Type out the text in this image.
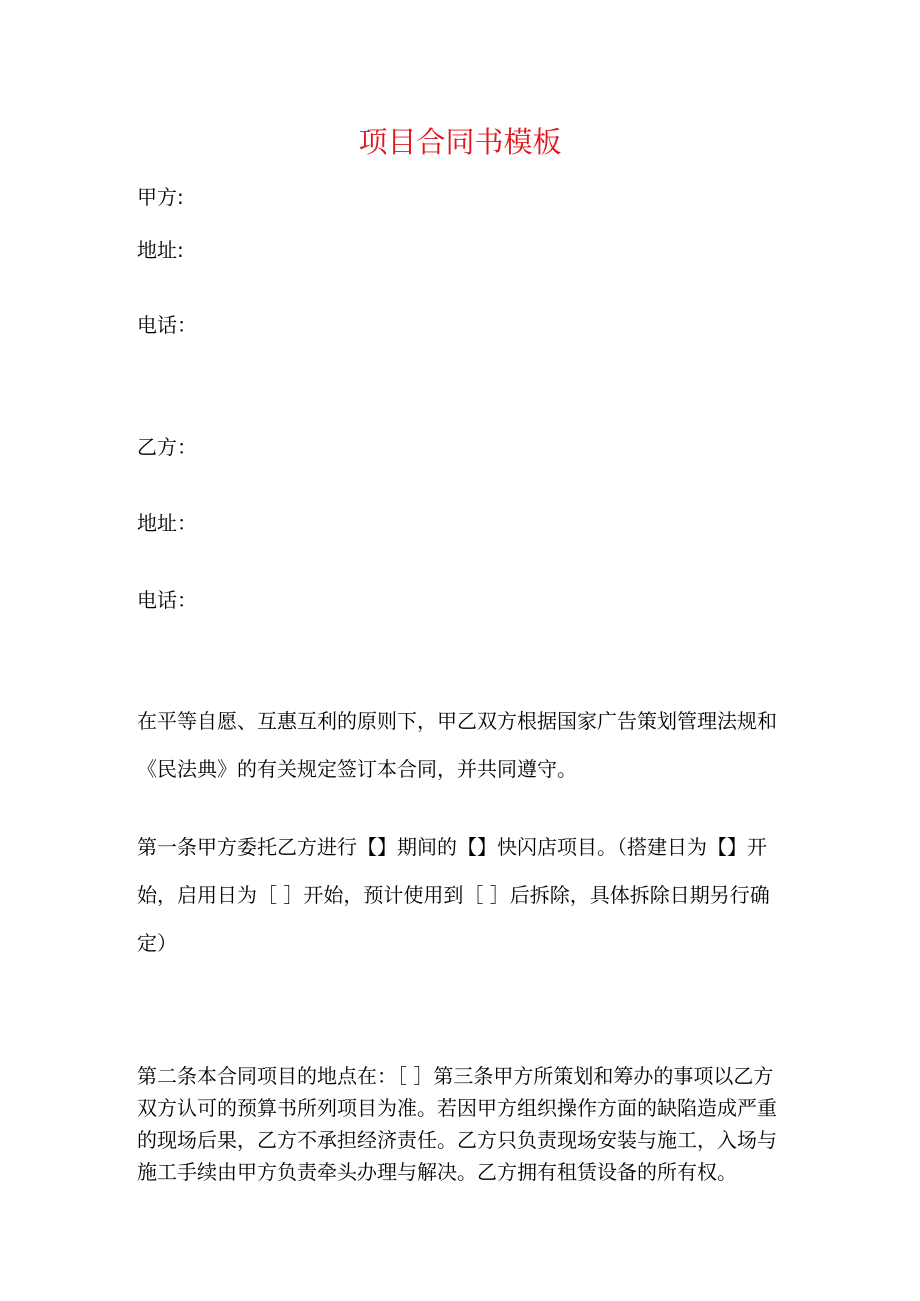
项目合同书模板
甲方:
地址:
电话：
乙方：
地址：
电话：
在平等自愿、互惠互利的原则下，甲乙双方根据国家广告策划管理法规和
《民法典》的有关规定签订本合同，并共同遵守。
第一条甲方委托乙方进行【】期间的【】快闪店项目。（搭建日为【】开
始，启用日为［ ］开始，预计使用到［ ］后拆除，具体拆除日期另行确
定）
第二条本合同项目的地点在：［ ］第三条甲方所策划和筹办的事项以乙方
双方认可的预算书所列项目为准。若因甲方组织操作方面的缺陷造成严重
的现场后果，乙方不承担经济责任。乙方只负责现场安装与施工，入场与
施工手续由甲方负责牵头办理与解决。乙方拥有租赁设备的所有权。
